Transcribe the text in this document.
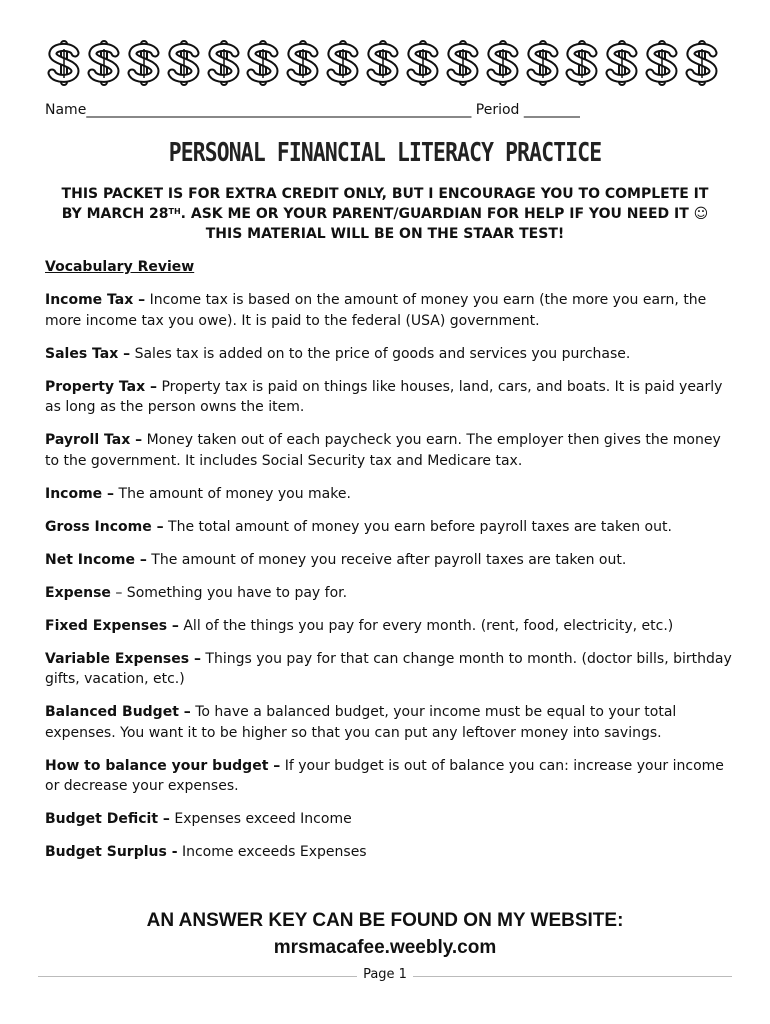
Name_______________________________________________________ Period ________
PERSONAL FINANCIAL LITERACY PRACTICE
THIS PACKET IS FOR EXTRA CREDIT ONLY, BUT I ENCOURAGE YOU TO COMPLETE IT
BY MARCH 28TH. ASK ME OR YOUR PARENT/GUARDIAN FOR HELP IF YOU NEED IT ☺
THIS MATERIAL WILL BE ON THE STAAR TEST!
Vocabulary Review
Income Tax – Income tax is based on the amount of money you earn (the more you earn, the more income tax you owe). It is paid to the federal (USA) government.
Sales Tax – Sales tax is added on to the price of goods and services you purchase.
Property Tax – Property tax is paid on things like houses, land, cars, and boats. It is paid yearly as long as the person owns the item.
Payroll Tax – Money taken out of each paycheck you earn. The employer then gives the money to the government. It includes Social Security tax and Medicare tax.
Income – The amount of money you make.
Gross Income – The total amount of money you earn before payroll taxes are taken out.
Net Income – The amount of money you receive after payroll taxes are taken out.
Expense – Something you have to pay for.
Fixed Expenses – All of the things you pay for every month. (rent, food, electricity, etc.)
Variable Expenses – Things you pay for that can change month to month. (doctor bills, birthday gifts, vacation, etc.)
Balanced Budget – To have a balanced budget, your income must be equal to your total expenses. You want it to be higher so that you can put any leftover money into savings.
How to balance your budget – If your budget is out of balance you can: increase your income or decrease your expenses.
Budget Deficit – Expenses exceed Income
Budget Surplus - Income exceeds Expenses
AN ANSWER KEY CAN BE FOUND ON MY WEBSITE:
mrsmacafee.weebly.com
Page 1
